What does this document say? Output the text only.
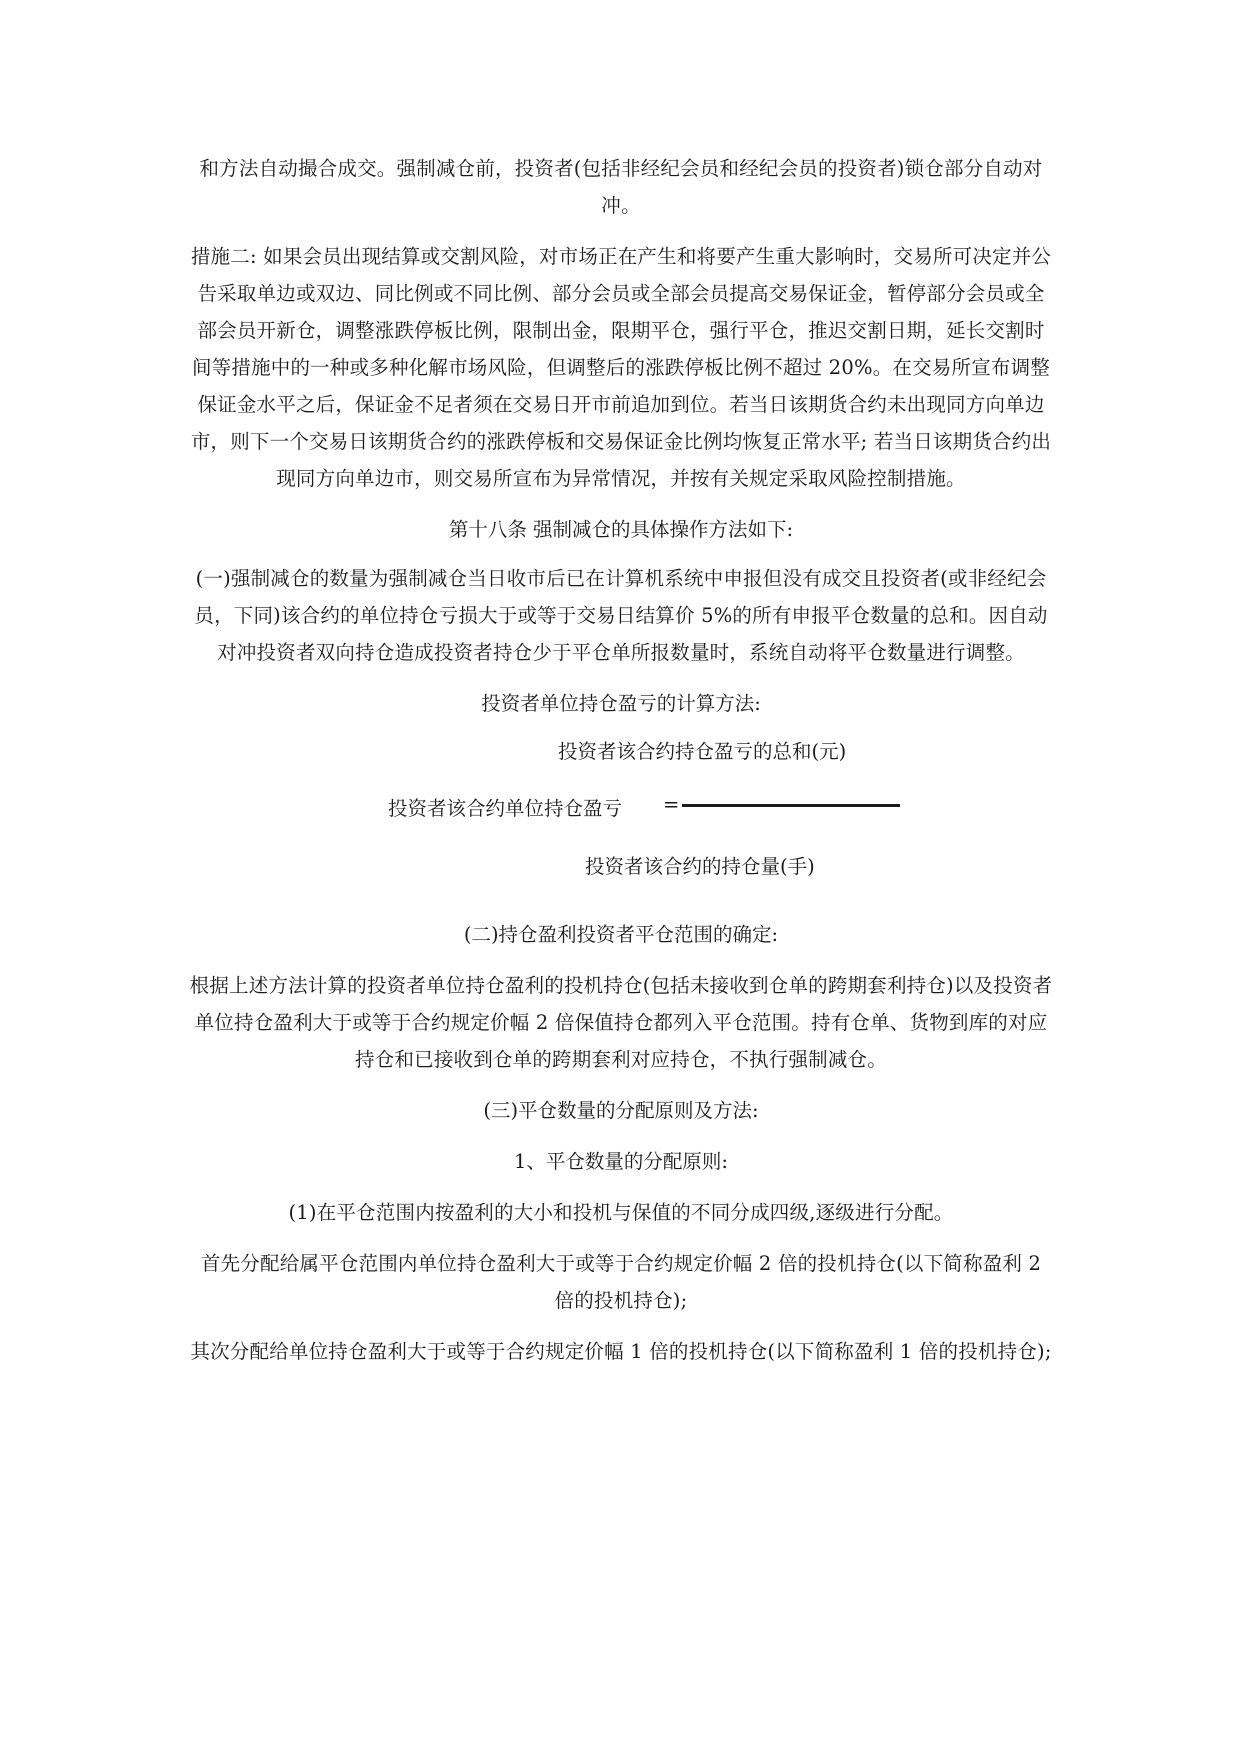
和方法自动撮合成交。强制减仓前，投资者(包括非经纪会员和经纪会员的投资者)锁仓部分自动对冲。

措施二: 如果会员出现结算或交割风险，对市场正在产生和将要产生重大影响时，交易所可决定并公告采取单边或双边、同比例或不同比例、部分会员或全部会员提高交易保证金，暂停部分会员或全部会员开新仓，调整涨跌停板比例，限制出金，限期平仓，强行平仓，推迟交割日期，延长交割时间等措施中的一种或多种化解市场风险，但调整后的涨跌停板比例不超过 20%。在交易所宣布调整保证金水平之后，保证金不足者须在交易日开市前追加到位。若当日该期货合约未出现同方向单边市，则下一个交易日该期货合约的涨跌停板和交易保证金比例均恢复正常水平; 若当日该期货合约出现同方向单边市，则交易所宣布为异常情况，并按有关规定采取风险控制措施。

第十八条 强制减仓的具体操作方法如下:

(一)强制减仓的数量为强制减仓当日收市后已在计算机系统中申报但没有成交且投资者(或非经纪会员，下同)该合约的单位持仓亏损大于或等于交易日结算价 5%的所有申报平仓数量的总和。因自动对冲投资者双向持仓造成投资者持仓少于平仓单所报数量时，系统自动将平仓数量进行调整。

投资者单位持仓盈亏的计算方法:

投资者该合约持仓盈亏的总和(元)
投资者该合约单位持仓盈亏 =
投资者该合约的持仓量(手)

(二)持仓盈利投资者平仓范围的确定:

根据上述方法计算的投资者单位持仓盈利的投机持仓(包括未接收到仓单的跨期套利持仓)以及投资者单位持仓盈利大于或等于合约规定价幅 2 倍保值持仓都列入平仓范围。持有仓单、货物到库的对应持仓和已接收到仓单的跨期套利对应持仓，不执行强制减仓。

(三)平仓数量的分配原则及方法:

1、平仓数量的分配原则:

(1)在平仓范围内按盈利的大小和投机与保值的不同分成四级,逐级进行分配。

首先分配给属平仓范围内单位持仓盈利大于或等于合约规定价幅 2 倍的投机持仓(以下简称盈利 2 倍的投机持仓);

其次分配给单位持仓盈利大于或等于合约规定价幅 1 倍的投机持仓(以下简称盈利 1 倍的投机持仓);
